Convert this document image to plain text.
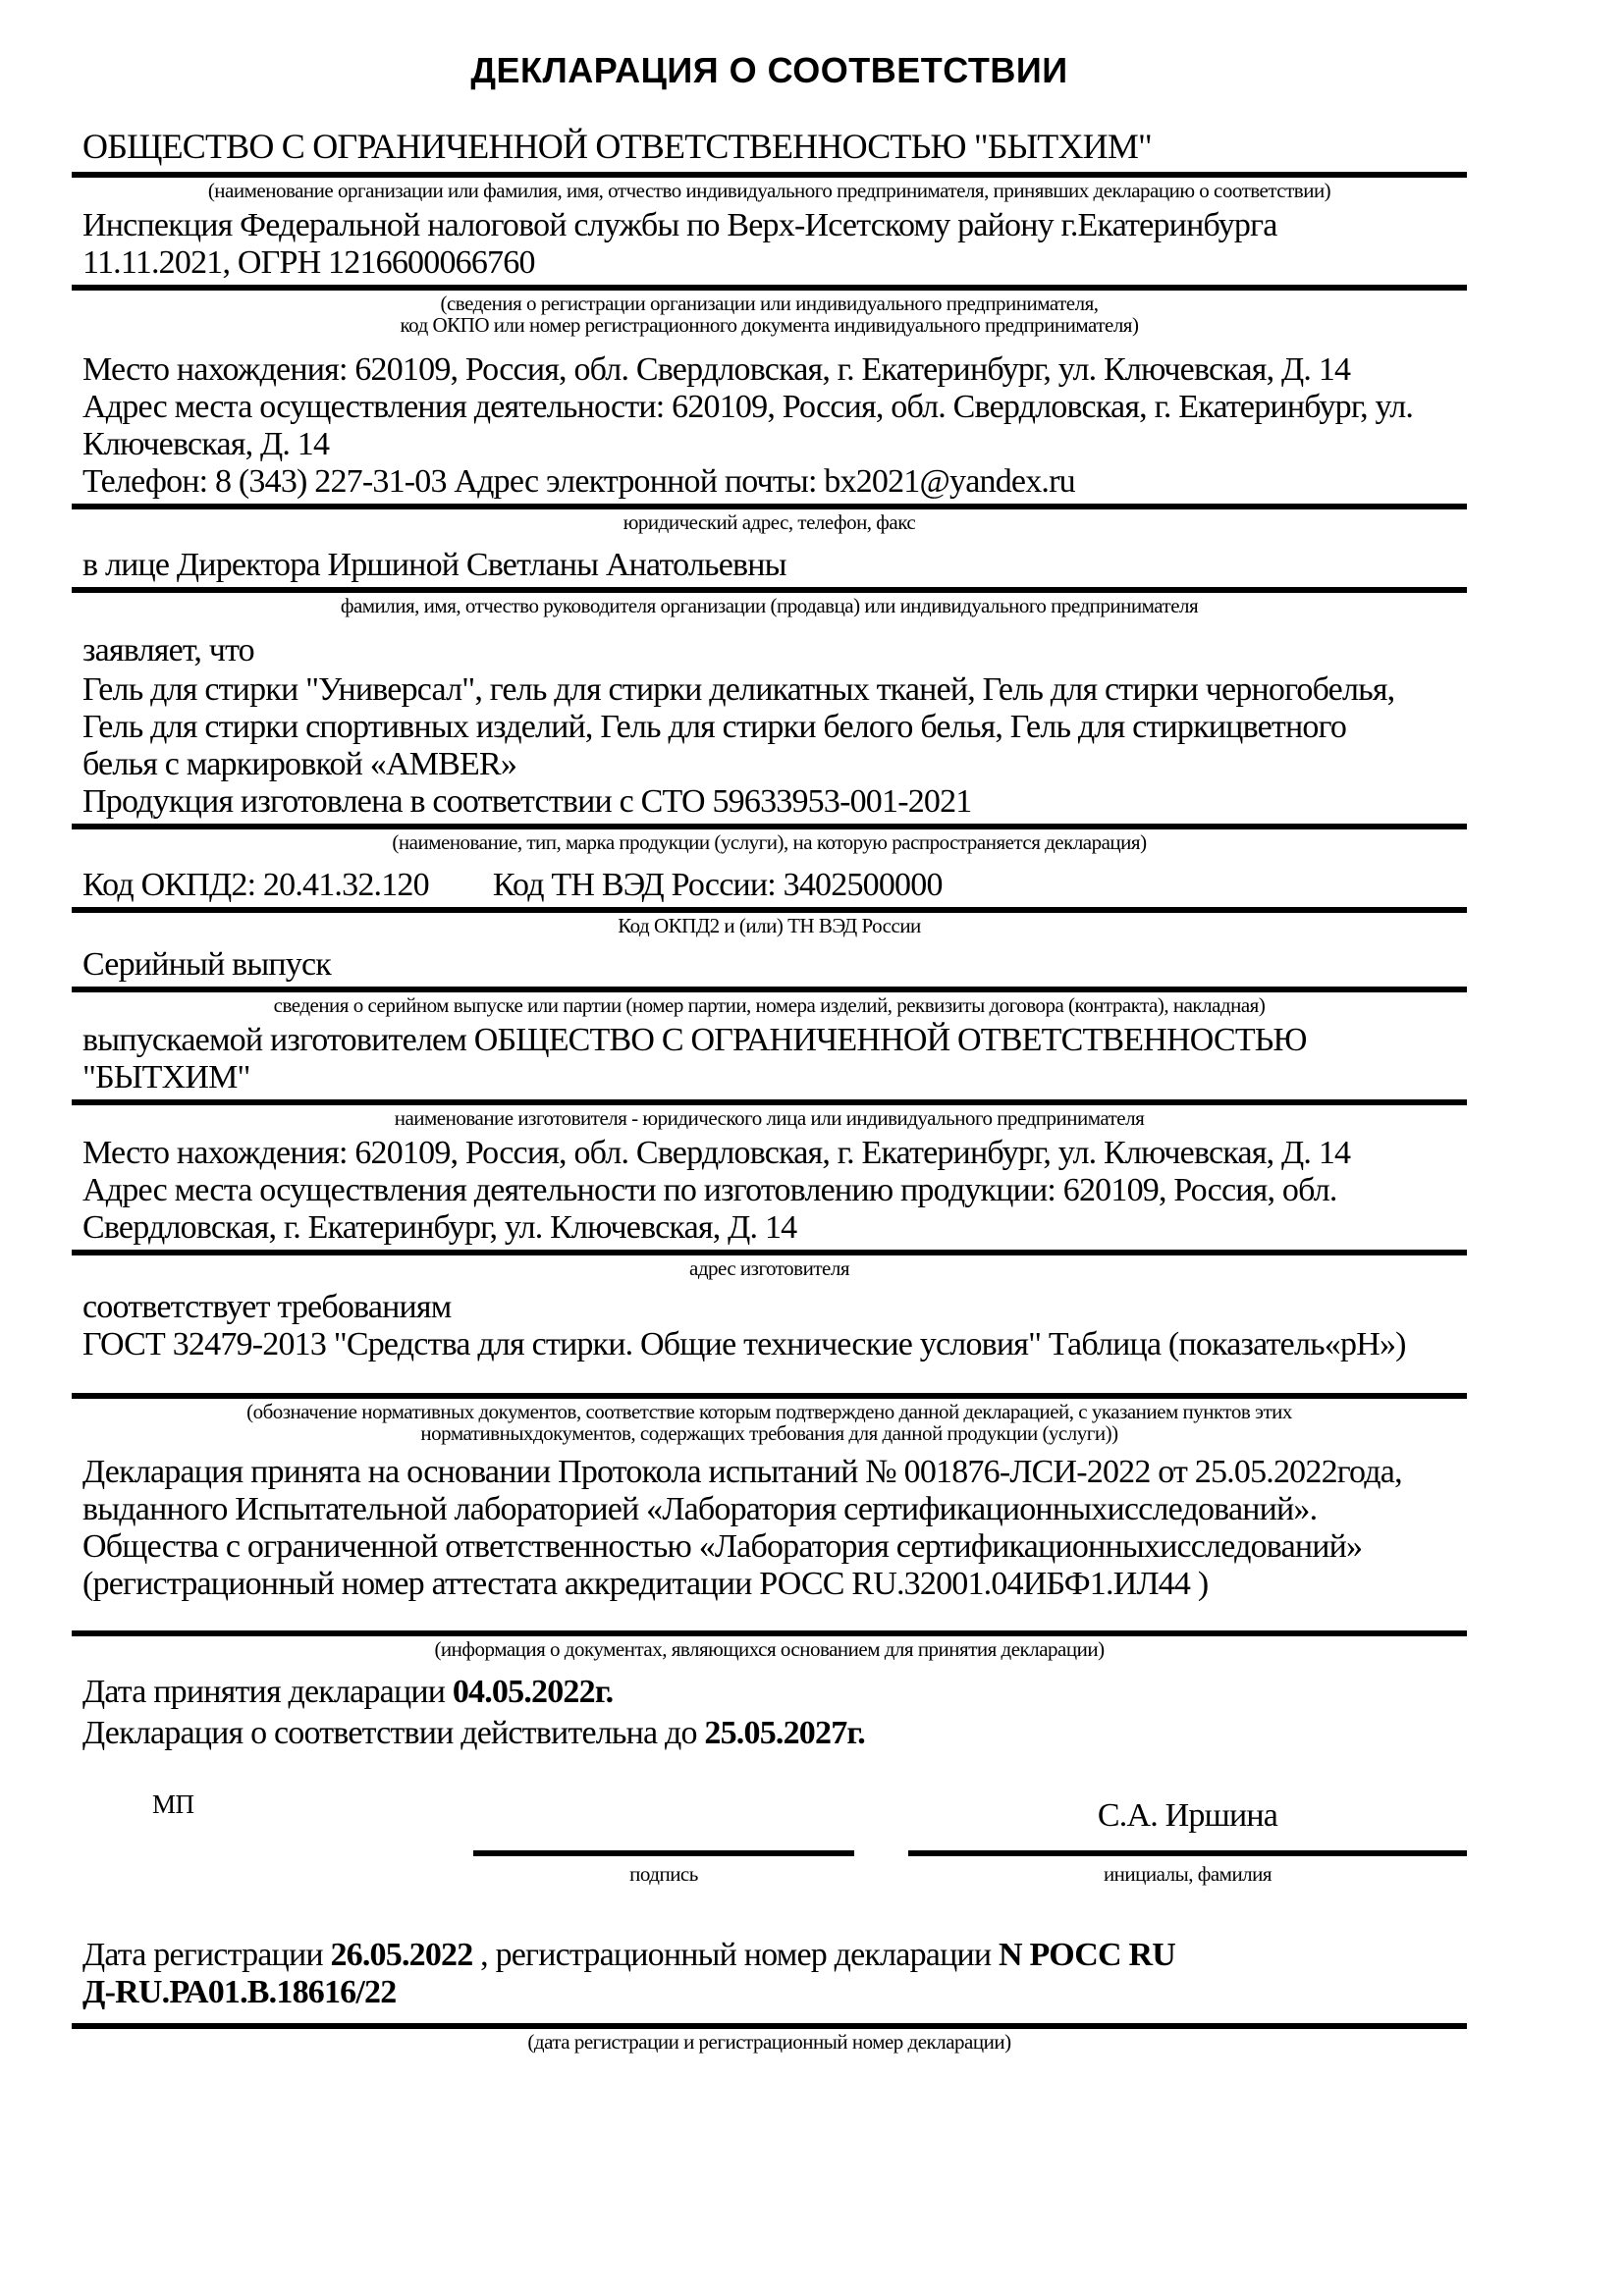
ДЕКЛАРАЦИЯ О СООТВЕТСТВИИ
ОБЩЕСТВО С ОГРАНИЧЕННОЙ ОТВЕТСТВЕННОСТЬЮ "БЫТХИМ"
(наименование организации или фамилия, имя, отчество индивидуального предпринимателя, принявших декларацию о соответствии)
Инспекция Федеральной налоговой службы по Верх-Исетскому району г.Екатеринбурга
11.11.2021, ОГРН 1216600066760
(сведения о регистрации организации или индивидуального предпринимателя,
код ОКПО или номер регистрационного документа индивидуального предпринимателя)
Место нахождения: 620109, Россия, обл. Свердловская, г. Екатеринбург, ул. Ключевская, Д. 14
Адрес места осуществления деятельности: 620109, Россия, обл. Свердловская, г. Екатеринбург, ул.
Ключевская, Д. 14
Телефон: 8 (343) 227-31-03 Адрес электронной почты: bx2021@yandex.ru
юридический адрес, телефон, факс
в лице Директора Иршиной Светланы Анатольевны
фамилия, имя, отчество руководителя организации (продавца) или индивидуального предпринимателя
заявляет, что
Гель для стирки "Универсал", гель для стирки деликатных тканей, Гель для стирки черногобелья,
Гель для стирки спортивных изделий, Гель для стирки белого белья, Гель для стиркицветного
белья с маркировкой «AMBER»
Продукция изготовлена в соответствии с СТО 59633953-001-2021
(наименование, тип, марка продукции (услуги), на которую распространяется декларация)
Код ОКПД2: 20.41.32.120 Код ТН ВЭД России: 3402500000
Код ОКПД2 и (или) ТН ВЭД России
Серийный выпуск
сведения о серийном выпуске или партии (номер партии, номера изделий, реквизиты договора (контракта), накладная)
выпускаемой изготовителем ОБЩЕСТВО С ОГРАНИЧЕННОЙ ОТВЕТСТВЕННОСТЬЮ
"БЫТХИМ"
наименование изготовителя - юридического лица или индивидуального предпринимателя
Место нахождения: 620109, Россия, обл. Свердловская, г. Екатеринбург, ул. Ключевская, Д. 14
Адрес места осуществления деятельности по изготовлению продукции: 620109, Россия, обл.
Свердловская, г. Екатеринбург, ул. Ключевская, Д. 14
адрес изготовителя
соответствует требованиям
ГОСТ 32479-2013 "Средства для стирки. Общие технические условия" Таблица (показатель«рН»)
(обозначение нормативных документов, соответствие которым подтверждено данной декларацией, с указанием пунктов этих
нормативныхдокументов, содержащих требования для данной продукции (услуги))
Декларация принята на основании Протокола испытаний № 001876-ЛСИ-2022 от 25.05.2022года,
выданного Испытательной лабораторией «Лаборатория сертификационныхисследований».
Общества с ограниченной ответственностью «Лаборатория сертификационныхисследований»
(регистрационный номер аттестата аккредитации РОСС RU.32001.04ИБФ1.ИЛ44 )
(информация о документах, являющихся основанием для принятия декларации)
Дата принятия декларации 04.05.2022г.
Декларация о соответствии действительна до 25.05.2027г.
МП	С.А. Иршина
подпись	инициалы, фамилия
Дата регистрации 26.05.2022 , регистрационный номер декларации N РОСС RU
Д-RU.РА01.В.18616/22
(дата регистрации и регистрационный номер декларации)
